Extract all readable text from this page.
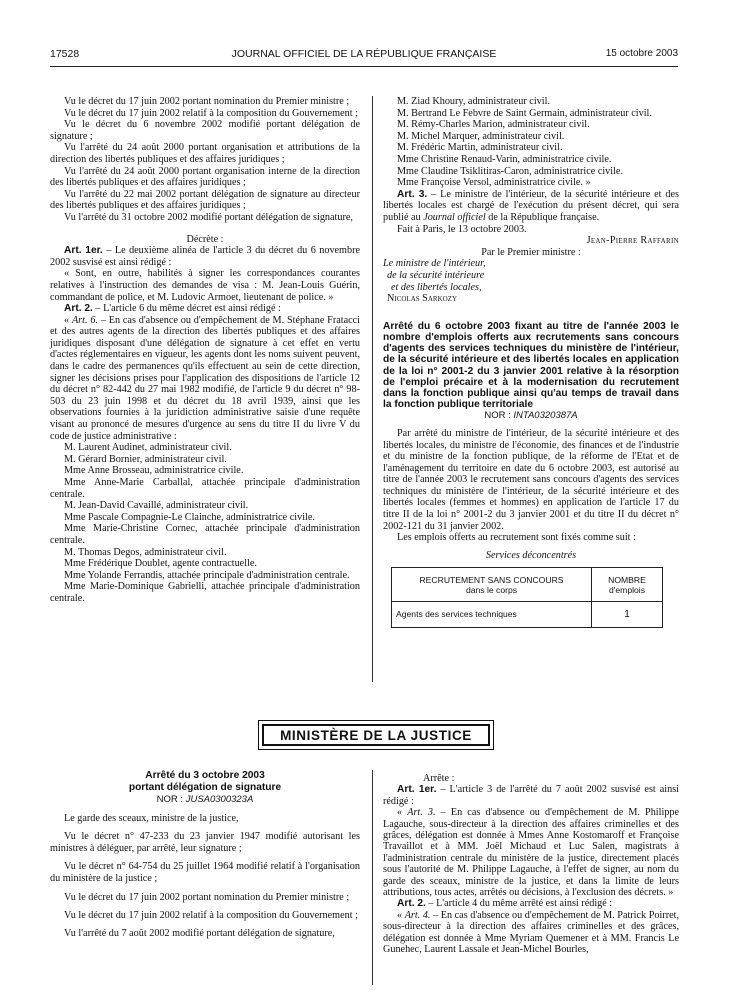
17528	JOURNAL OFFICIEL DE LA RÉPUBLIQUE FRANÇAISE	15 octobre 2003

Vu le décret du 17 juin 2002 portant nomination du Premier ministre ;

Vu le décret du 17 juin 2002 relatif à la composition du Gouvernement ;

Vu le décret du 6 novembre 2002 modifié portant délégation de signature ;

Vu l'arrêté du 24 août 2000 portant organisation et attributions de la direction des libertés publiques et des affaires juridiques ;

Vu l'arrêté du 24 août 2000 portant organisation interne de la direction des libertés publiques et des affaires juridiques ;

Vu l'arrêté du 22 mai 2002 portant délégation de signature au directeur des libertés publiques et des affaires juridiques ;

Vu l'arrêté du 31 octobre 2002 modifié portant délégation de signature,

Décrète :

Art. 1er. – Le deuxième alinéa de l'article 3 du décret du 6 novembre 2002 susvisé est ainsi rédigé :

« Sont, en outre, habilités à signer les correspondances courantes relatives à l'instruction des demandes de visa : M. Jean-Louis Guérin, commandant de police, et M. Ludovic Armoet, lieutenant de police. »

Art. 2. – L'article 6 du même décret est ainsi rédigé :

« Art. 6. – En cas d'absence ou d'empêchement de M. Stéphane Fratacci et des autres agents de la direction des libertés publiques et des affaires juridiques disposant d'une délégation de signature à cet effet en vertu d'actes réglementaires en vigueur, les agents dont les noms suivent peuvent, dans le cadre des permanences qu'ils effectuent au sein de cette direction, signer les décisions prises pour l'application des dispositions de l'article 12 du décret n° 82-442 du 27 mai 1982 modifié, de l'article 9 du décret n° 98-503 du 23 juin 1998 et du décret du 18 avril 1939, ainsi que les observations fournies à la juridiction administrative saisie d'une requête visant au prononcé de mesures d'urgence au sens du titre II du livre V du code de justice administrative :

M. Laurent Audinet, administrateur civil.

M. Gérard Bornier, administrateur civil.

Mme Anne Brosseau, administratrice civile.

Mme Anne-Marie Carballal, attachée principale d'administration centrale.

M. Jean-David Cavaillé, administrateur civil.

Mme Pascale Compagnie-Le Clainche, administratrice civile.

Mme Marie-Christine Cornec, attachée principale d'administration centrale.

M. Thomas Degos, administrateur civil.

Mme Frédérique Doublet, agente contractuelle.

Mme Yolande Ferrandis, attachée principale d'administration centrale.

Mme Marie-Dominique Gabrielli, attachée principale d'administration centrale.

M. Ziad Khoury, administrateur civil.

M. Bertrand Le Febvre de Saint Germain, administrateur civil.

M. Rémy-Charles Marion, administrateur civil.

M. Michel Marquer, administrateur civil.

M. Frédéric Martin, administrateur civil.

Mme Christine Renaud-Varin, administratrice civile.

Mme Claudine Tsiklitiras-Caron, administratrice civile.

Mme Françoise Versol, administratrice civile. »

Art. 3. – Le ministre de l'intérieur, de la sécurité intérieure et des libertés locales est chargé de l'exécution du présent décret, qui sera publié au Journal officiel de la République française.

Fait à Paris, le 13 octobre 2003.

Jean-Pierre Raffarin

Par le Premier ministre :

Le ministre de l'intérieur,

de la sécurité intérieure

et des libertés locales,

Nicolas Sarkozy

Arrêté du 6 octobre 2003 fixant au titre de l'année 2003 le nombre d'emplois offerts aux recrutements sans concours d'agents des services techniques du ministère de l'intérieur, de la sécurité intérieure et des libertés locales en application de la loi n° 2001-2 du 3 janvier 2001 relative à la résorption de l'emploi précaire et à la modernisation du recrutement dans la fonction publique ainsi qu'au temps de travail dans la fonction publique territoriale

NOR : INTA0320387A

Par arrêté du ministre de l'intérieur, de la sécurité intérieure et des libertés locales, du ministre de l'économie, des finances et de l'industrie et du ministre de la fonction publique, de la réforme de l'Etat et de l'aménagement du territoire en date du 6 octobre 2003, est autorisé au titre de l'année 2003 le recrutement sans concours d'agents des services techniques du ministère de l'intérieur, de la sécurité intérieure et des libertés locales (femmes et hommes) en application de l'article 17 du titre II de la loi n° 2001-2 du 3 janvier 2001 et du titre II du décret n° 2002-121 du 31 janvier 2002.

Les emplois offerts au recrutement sont fixés comme suit :

Services déconcentrés

RECRUTEMENT SANS CONCOURS
dans le corps	NOMBRE
d'emplois
Agents des services techniques	1
MINISTÈRE DE LA JUSTICE

Arrêté du 3 octobre 2003

portant délégation de signature

NOR : JUSA0300323A

Le garde des sceaux, ministre de la justice,

Vu le décret n° 47-233 du 23 janvier 1947 modifié autorisant les ministres à déléguer, par arrêté, leur signature ;

Vu le décret n° 64-754 du 25 juillet 1964 modifié relatif à l'organisation du ministère de la justice ;

Vu le décret du 17 juin 2002 portant nomination du Premier ministre ;

Vu le décret du 17 juin 2002 relatif à la composition du Gouvernement ;

Vu l'arrêté du 7 août 2002 modifié portant délégation de signature,

Arrête :

Art. 1er. – L'article 3 de l'arrêté du 7 août 2002 susvisé est ainsi rédigé :

« Art. 3. – En cas d'absence ou d'empêchement de M. Philippe Lagauche, sous-directeur à la direction des affaires criminelles et des grâces, délégation est donnée à Mmes Anne Kostomaroff et Françoise Travaillot et à MM. Joël Michaud et Luc Salen, magistrats à l'administration centrale du ministère de la justice, directement placés sous l'autorité de M. Philippe Lagauche, à l'effet de signer, au nom du garde des sceaux, ministre de la justice, et dans la limite de leurs attributions, tous actes, arrêtés ou décisions, à l'exclusion des décrets. »

Art. 2. – L'article 4 du même arrêté est ainsi rédigé :

« Art. 4. – En cas d'absence ou d'empêchement de M. Patrick Poirret, sous-directeur à la direction des affaires criminelles et des grâces, délégation est donnée à Mme Myriam Quemener et à MM. Francis Le Gunehec, Laurent Lassale et Jean-Michel Bourles,
